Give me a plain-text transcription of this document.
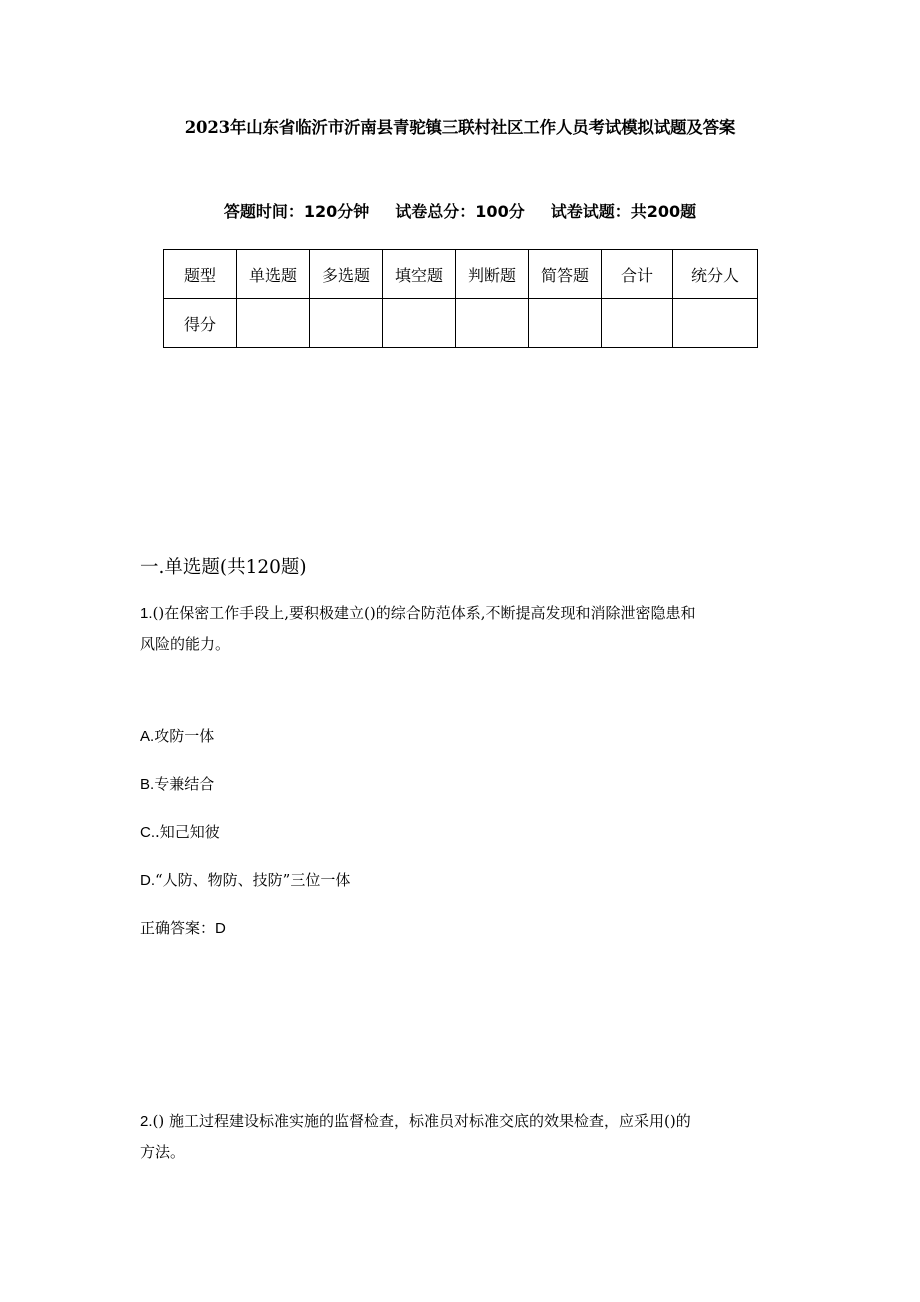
2023年山东省临沂市沂南县青驼镇三联村社区工作人员考试模拟试题及答案
答题时间：120分钟 试卷总分：100分 试卷试题：共200题
题型	单选题	多选题	填空题	判断题	简答题	合计	统分人
得分							
一.单选题(共120题)
1.()在保密工作手段上,要积极建立()的综合防范体系,不断提高发现和消除泄密隐患和
风险的能力。
A.攻防一体
B.专兼结合
C..知己知彼
D.“人防、物防、技防”三位一体
正确答案：D
2.() 施工过程建设标准实施的监督检查，标准员对标准交底的效果检查，应采用()的
方法。
